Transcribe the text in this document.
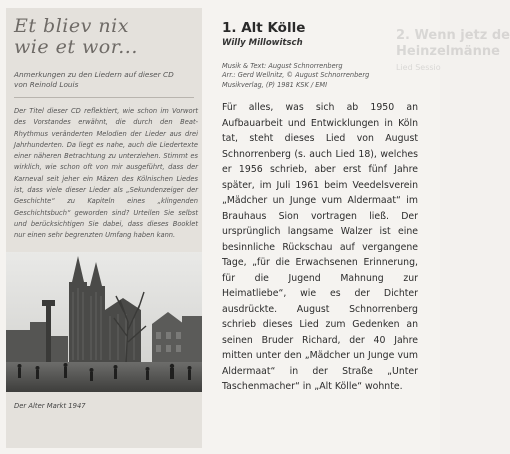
Et bliev nix
wie et wor...
Anmerkungen zu den Liedern auf dieser CD
von Reinold Louis
Der Titel dieser CD reflektiert, wie schon im Vorwort des Vorstandes erwähnt, die durch den Beat-Rhythmus veränderten Melodien der Lieder aus drei Jahrhunderten. Da liegt es nahe, auch die Liedertexte einer näheren Betrachtung zu unterziehen. Stimmt es wirklich, wie schon oft von mir ausgeführt, dass der Karneval seit jeher ein Mäzen des Kölnischen Liedes ist, dass viele dieser Lieder als „Sekundenzeiger der Geschichte“ zu Kapiteln eines „klingenden Geschichtsbuch“ geworden sind? Urteilen Sie selbst und berücksichtigen Sie dabei, dass dieses Booklet nur einen sehr begrenzten Umfang haben kann.
Der Alter Markt 1947
2. Wenn jetz de
Heinzelmänne
Lied Sessio
1. Alt Kölle
Willy Millowitsch
Musik & Text: August Schnorrenberg
Arr.: Gerd Wellnitz, © August Schnorrenberg
Musikverlag, (P) 1981 KSK / EMI
Für alles, was sich ab 1950 an Aufbauarbeit und Entwicklungen in Köln tat, steht dieses Lied von August Schnorrenberg (s. auch Lied 18), welches er 1956 schrieb, aber erst fünf Jahre später, im Juli 1961 beim Veedelsverein „Mädcher un Junge vum Aldermaat“ im Brauhaus Sion vortragen ließ. Der ursprünglich langsame Walzer ist eine besinnliche Rückschau auf vergangene Tage, „für die Erwachsenen Erinnerung, für die Jugend Mahnung zur Heimatliebe“, wie es der Dichter ausdrückte. August Schnorrenberg schrieb dieses Lied zum Gedenken an seinen Bruder Richard, der 40 Jahre mitten unter den „Mädcher un Junge vum Aldermaat“ in der Straße „Unter Taschenmacher“ in „Alt Kölle“ wohnte.
